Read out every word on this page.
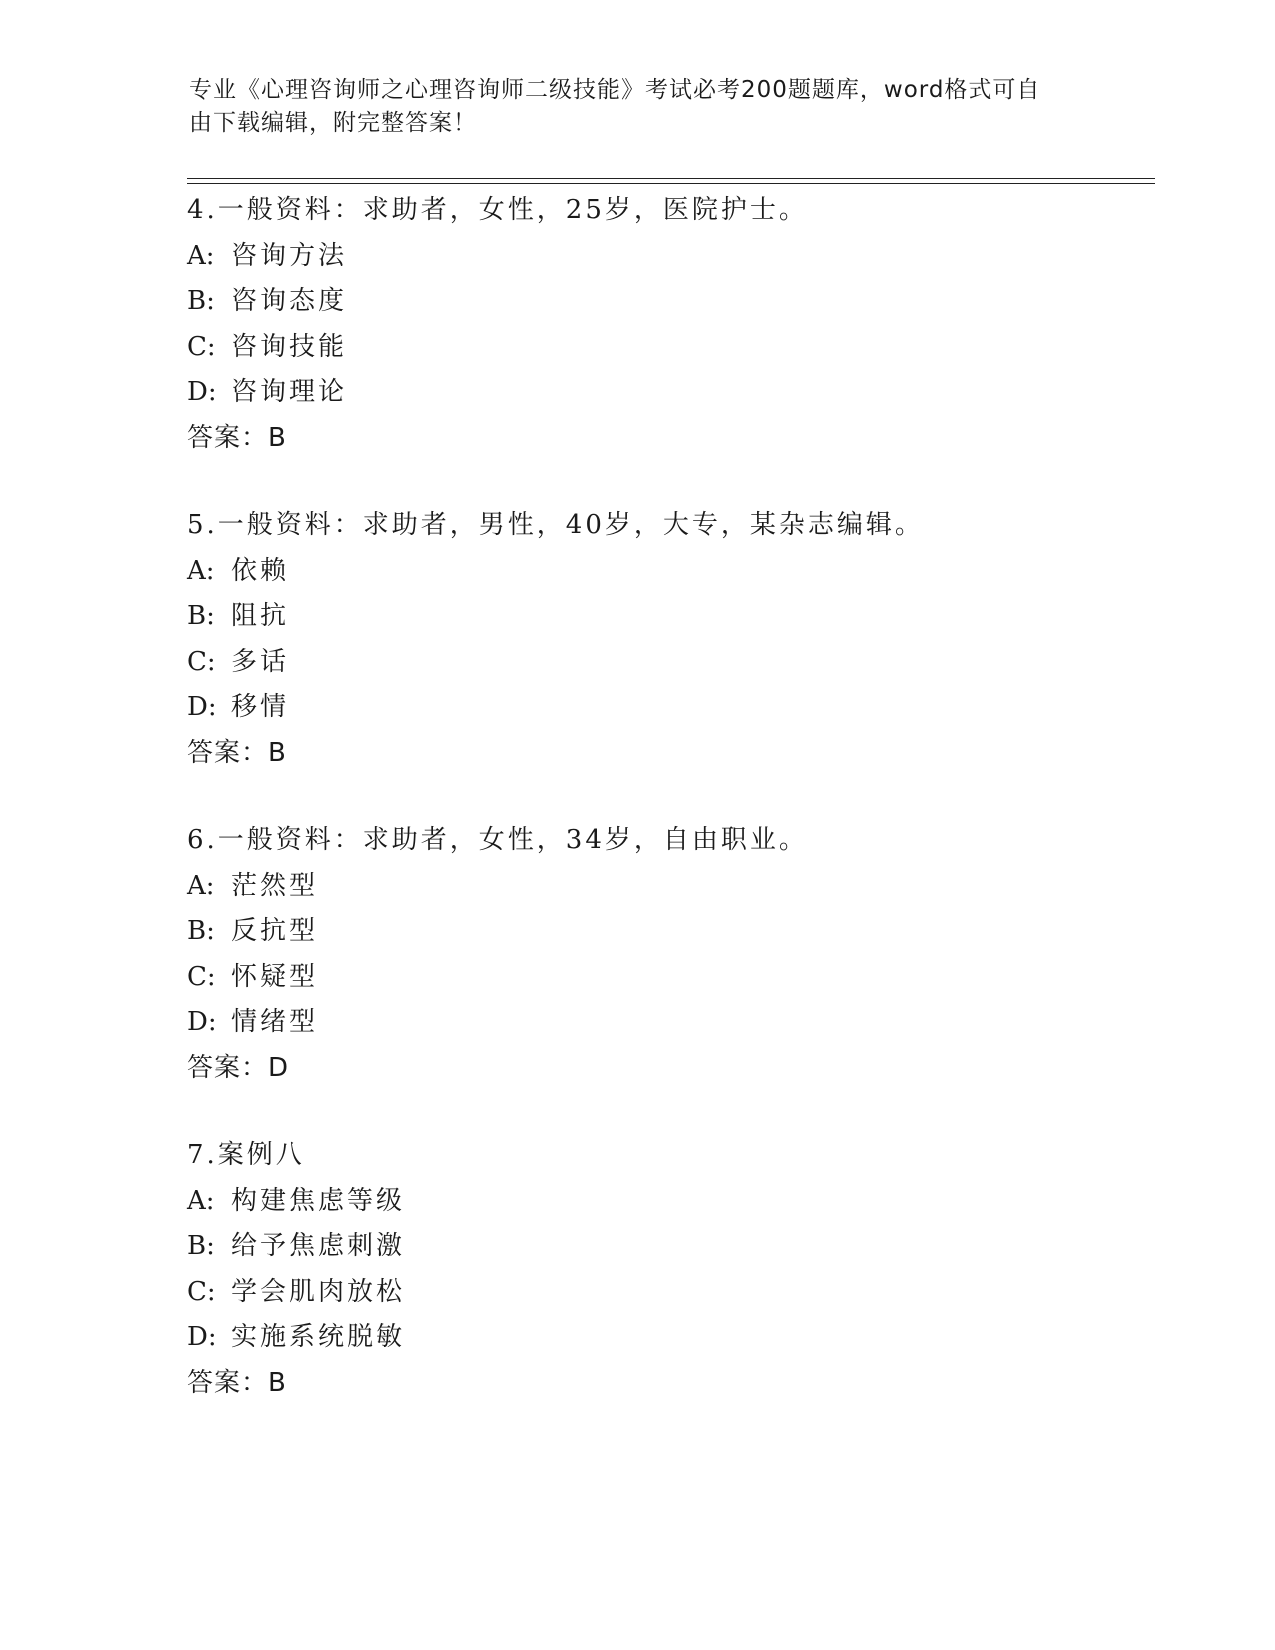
专业《心理咨询师之心理咨询师二级技能》考试必考200题题库，word格式可自
由下载编辑，附完整答案！
4.一般资料：求助者，女性，25岁，医院护士。
A: 咨询方法
B: 咨询态度
C: 咨询技能
D: 咨询理论
答案：B
5.一般资料：求助者，男性，40岁，大专，某杂志编辑。
A: 依赖
B: 阻抗
C: 多话
D: 移情
答案：B
6.一般资料：求助者，女性，34岁，自由职业。
A: 茫然型
B: 反抗型
C: 怀疑型
D: 情绪型
答案：D
7.案例八
A: 构建焦虑等级
B: 给予焦虑刺激
C: 学会肌肉放松
D: 实施系统脱敏
答案：B
